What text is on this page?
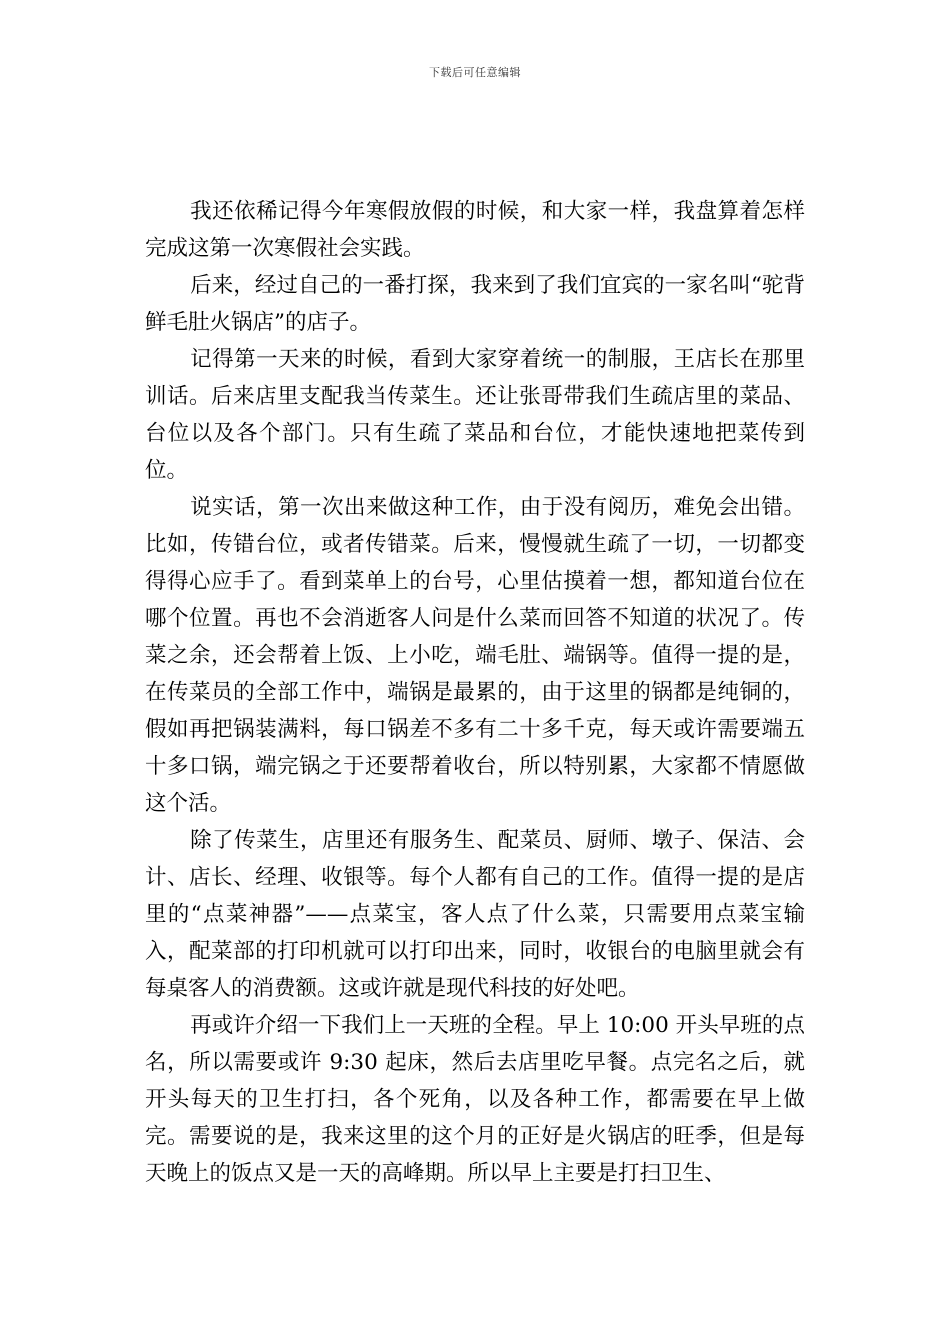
下载后可任意编辑

我还依稀记得今年寒假放假的时候，和大家一样，我盘算着怎样完成这第一次寒假社会实践。

后来，经过自己的一番打探，我来到了我们宜宾的一家名叫“驼背鲜毛肚火锅店”的店子。

记得第一天来的时候，看到大家穿着统一的制服，王店长在那里训话。后来店里支配我当传菜生。还让张哥带我们生疏店里的菜品、台位以及各个部门。只有生疏了菜品和台位，才能快速地把菜传到位。

说实话，第一次出来做这种工作，由于没有阅历，难免会出错。比如，传错台位，或者传错菜。后来，慢慢就生疏了一切，一切都变得得心应手了。看到菜单上的台号，心里估摸着一想，都知道台位在哪个位置。再也不会消逝客人问是什么菜而回答不知道的状况了。传菜之余，还会帮着上饭、上小吃，端毛肚、端锅等。值得一提的是，在传菜员的全部工作中，端锅是最累的，由于这里的锅都是纯铜的，假如再把锅装满料，每口锅差不多有二十多千克，每天或许需要端五十多口锅，端完锅之于还要帮着收台，所以特别累，大家都不情愿做这个活。

除了传菜生，店里还有服务生、配菜员、厨师、墩子、保洁、会计、店长、经理、收银等。每个人都有自己的工作。值得一提的是店里的“点菜神器”——点菜宝，客人点了什么菜，只需要用点菜宝输入，配菜部的打印机就可以打印出来，同时，收银台的电脑里就会有每桌客人的消费额。这或许就是现代科技的好处吧。

再或许介绍一下我们上一天班的全程。早上 10:00 开头早班的点名，所以需要或许 9:30 起床，然后去店里吃早餐。点完名之后，就开头每天的卫生打扫，各个死角，以及各种工作，都需要在早上做完。需要说的是，我来这里的这个月的正好是火锅店的旺季，但是每天晚上的饭点又是一天的高峰期。所以早上主要是打扫卫生、
